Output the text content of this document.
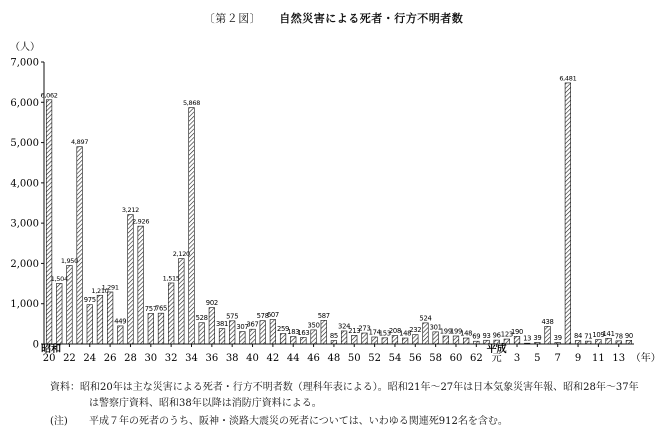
〔第２図〕 自然災害による死者・行方不明者数
6,062
1,504
1,950
4,897
975
1,210
1,291
449
3,212
2,926
757
765
1,515
2,120
5,868
528
902
381
575
307
367
578
607
259
183
163
350
587
85
324
213
273
174
153
208
148
232
524
301
199
199
148 69 93 96 123
190
13 39
438
39
6,481
84 71 109
141 78 90
0
1,000
2,000
3,000
4,000
5,000
6,000
7,000
（人）
20 22 24 26 28 30 32 34 36 38 40 42 44 46 48 50 52 54 56 58 60 62 元 3 5 7 9 11 13
昭和	平成
（年）
資料：昭和20年は主な災害による死者・行方不明者数（理科年表による）。昭和21年～27年は日本気象災害年報、昭和28年～37年
は警察庁資料、昭和38年以降は消防庁資料による。
(注) 平成７年の死者のうち、阪神・淡路大震災の死者については、いわゆる関連死912名を含む。
